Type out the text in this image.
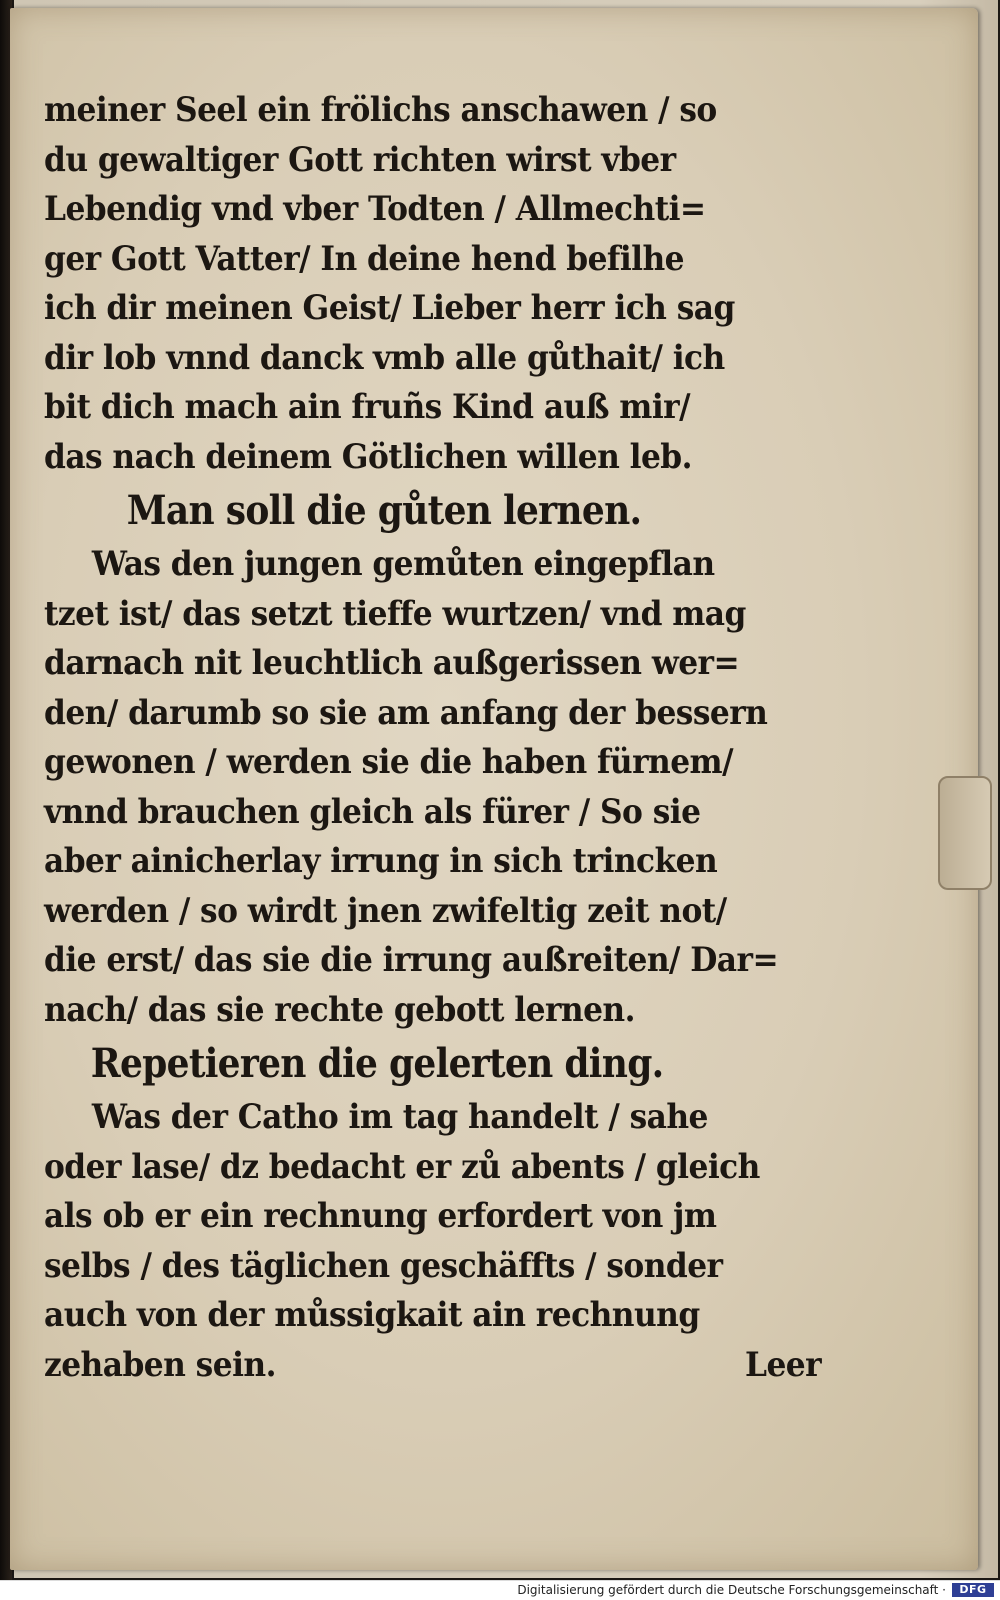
meiner Seel ein frölichs anschawen / so
du gewaltiger Gott richten wirst vber
Lebendig vnd vber Todten / Allmechti=
ger Gott Vatter/ In deine hend befilhe
ich dir meinen Geist/ Lieber herr ich sag
dir lob vnnd danck vmb alle gůthait/ ich
bit dich mach ain fruñs Kind auß mir/
das nach deinem Götlichen willen leb.
Man soll die gůten lernen.
Was den jungen gemůten eingepflan
tzet ist/ das setzt tieffe wurtzen/ vnd mag
darnach nit leuchtlich außgerissen wer=
den/ darumb so sie am anfang der bessern
gewonen / werden sie die haben fürnem/
vnnd brauchen gleich als fürer / So sie
aber ainicherlay irrung in sich trincken
werden / so wirdt jnen zwifeltig zeit not/
die erst/ das sie die irrung außreiten/ Dar=
nach/ das sie rechte gebott lernen.
Repetieren die gelerten ding.
Was der Catho im tag handelt / sahe
oder lase/ dz bedacht er zů abents / gleich
als ob er ein rechnung erfordert von jm
selbs / des täglichen geschäffts / sonder
auch von der můssigkait ain rechnung
zehaben sein.	Leer
Digitalisierung gefördert durch die Deutsche Forschungsgemeinschaft ·	DFG
